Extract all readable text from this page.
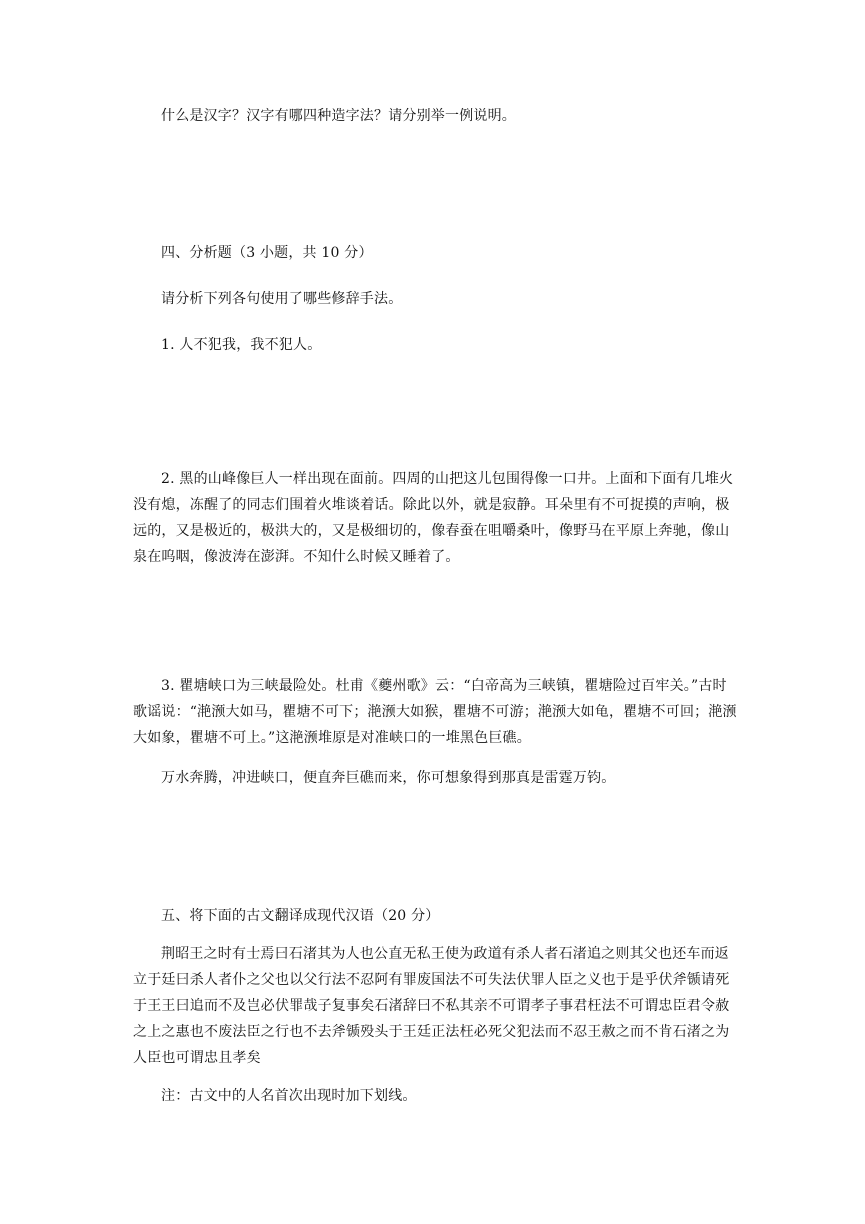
什么是汉字？汉字有哪四种造字法？请分别举一例说明。

四、分析题（3 小题，共 10 分）

请分析下列各句使用了哪些修辞手法。

1. 人不犯我，我不犯人。

2. 黑的山峰像巨人一样出现在面前。四周的山把这儿包围得像一口井。上面和下面有几堆火没有熄，冻醒了的同志们围着火堆谈着话。除此以外，就是寂静。耳朵里有不可捉摸的声响，极远的，又是极近的，极洪大的，又是极细切的，像春蚕在咀嚼桑叶，像野马在平原上奔驰，像山泉在呜咽，像波涛在澎湃。不知什么时候又睡着了。

3. 瞿塘峡口为三峡最险处。杜甫《夔州歌》云：“白帝高为三峡镇，瞿塘险过百牢关。”古时歌谣说：“滟滪大如马，瞿塘不可下；滟滪大如猴，瞿塘不可游；滟滪大如龟，瞿塘不可回；滟滪大如象，瞿塘不可上。”这滟滪堆原是对准峡口的一堆黑色巨礁。

万水奔腾，冲进峡口，便直奔巨礁而来，你可想象得到那真是雷霆万钧。

五、将下面的古文翻译成现代汉语（20 分）

荆昭王之时有士焉曰石渚其为人也公直无私王使为政道有杀人者石渚追之则其父也还车而返立于廷曰杀人者仆之父也以父行法不忍阿有罪废国法不可失法伏罪人臣之义也于是乎伏斧锧请死于王王曰追而不及岂必伏罪哉子复事矣石渚辞曰不私其亲不可谓孝子事君枉法不可谓忠臣君令赦之上之惠也不废法臣之行也不去斧锧殁头于王廷正法枉必死父犯法而不忍王赦之而不肯石渚之为人臣也可谓忠且孝矣

注：古文中的人名首次出现时加下划线。
